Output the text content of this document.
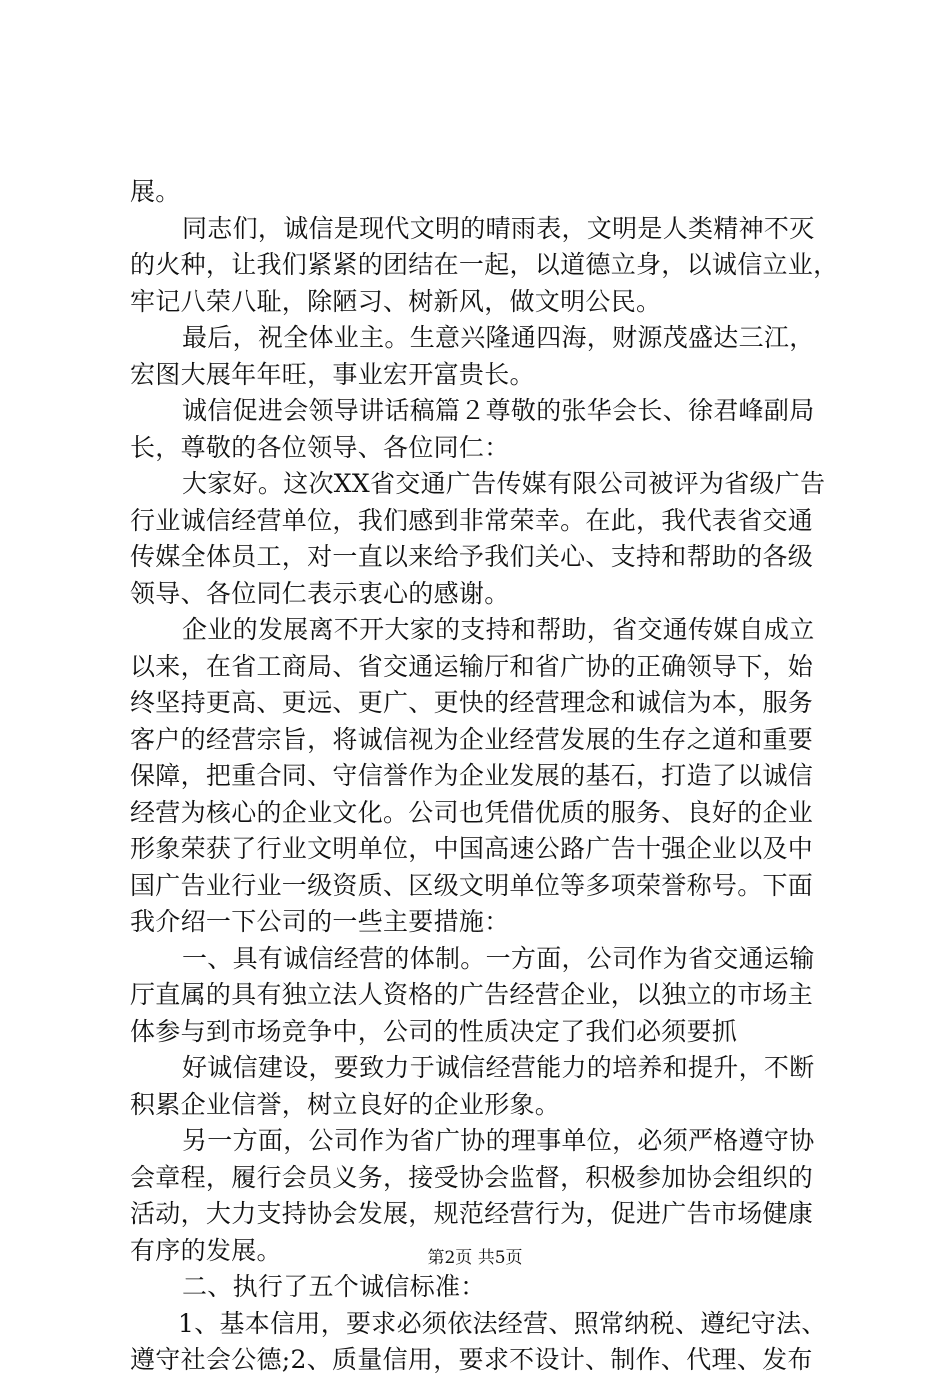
展。
同志们，诚信是现代文明的晴雨表，文明是人类精神不灭
的火种，让我们紧紧的团结在一起，以道德立身，以诚信立业，
牢记八荣八耻，除陋习、树新风，做文明公民。
最后，祝全体业主。生意兴隆通四海，财源茂盛达三江，
宏图大展年年旺，事业宏开富贵长。
诚信促进会领导讲话稿篇２尊敬的张华会长、徐君峰副局
长，尊敬的各位领导、各位同仁：
大家好。这次XX省交通广告传媒有限公司被评为省级广告
行业诚信经营单位，我们感到非常荣幸。在此，我代表省交通
传媒全体员工，对一直以来给予我们关心、支持和帮助的各级
领导、各位同仁表示衷心的感谢。
企业的发展离不开大家的支持和帮助，省交通传媒自成立
以来，在省工商局、省交通运输厅和省广协的正确领导下，始
终坚持更高、更远、更广、更快的经营理念和诚信为本，服务
客户的经营宗旨，将诚信视为企业经营发展的生存之道和重要
保障，把重合同、守信誉作为企业发展的基石，打造了以诚信
经营为核心的企业文化。公司也凭借优质的服务、良好的企业
形象荣获了行业文明单位，中国高速公路广告十强企业以及中
国广告业行业一级资质、区级文明单位等多项荣誉称号。下面
我介绍一下公司的一些主要措施：
一、具有诚信经营的体制。一方面，公司作为省交通运输
厅直属的具有独立法人资格的广告经营企业，以独立的市场主
体参与到市场竞争中，公司的性质决定了我们必须要抓
好诚信建设，要致力于诚信经营能力的培养和提升，不断
积累企业信誉，树立良好的企业形象。
另一方面，公司作为省广协的理事单位，必须严格遵守协
会章程，履行会员义务，接受协会监督，积极参加协会组织的
活动，大力支持协会发展，规范经营行为，促进广告市场健康
有序的发展。
二、执行了五个诚信标准：
1、基本信用，要求必须依法经营、照常纳税、遵纪守法、
遵守社会公德;2、质量信用，要求不设计、制作、代理、发布
第2页 共5页
